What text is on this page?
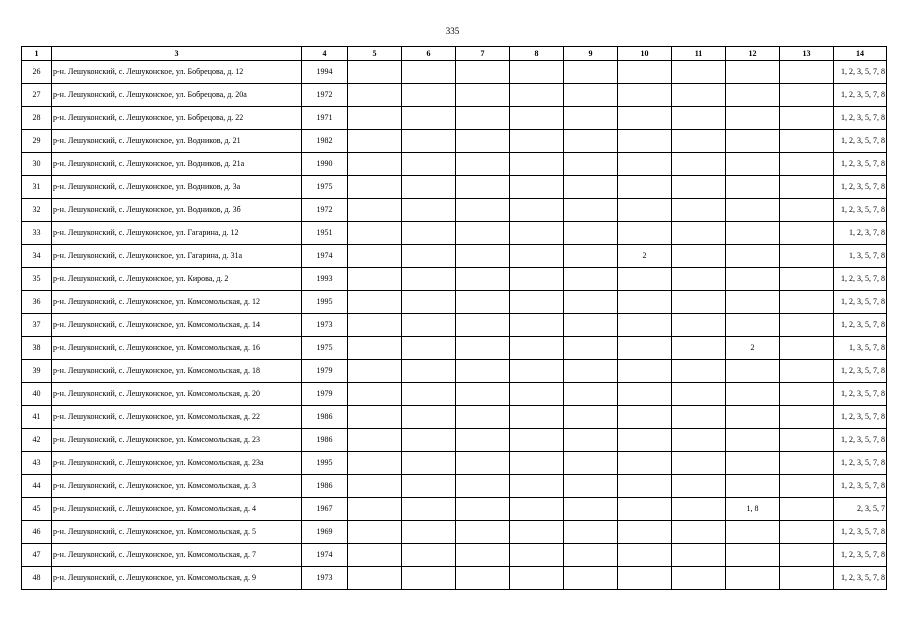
335
1	3	4	5	6	7	8	9	10	11	12	13	14
26	р-н. Лешуконский, с. Лешуконское, ул. Бобрецова, д. 12	1994										1, 2, 3, 5, 7, 8
27	р-н. Лешуконский, с. Лешуконское, ул. Бобрецова, д. 20а	1972										1, 2, 3, 5, 7, 8
28	р-н. Лешуконский, с. Лешуконское, ул. Бобрецова, д. 22	1971										1, 2, 3, 5, 7, 8
29	р-н. Лешуконский, с. Лешуконское, ул. Водников, д. 21	1982										1, 2, 3, 5, 7, 8
30	р-н. Лешуконский, с. Лешуконское, ул. Водников, д. 21а	1990										1, 2, 3, 5, 7, 8
31	р-н. Лешуконский, с. Лешуконское, ул. Водников, д. 3а	1975										1, 2, 3, 5, 7, 8
32	р-н. Лешуконский, с. Лешуконское, ул. Водников, д. 3б	1972										1, 2, 3, 5, 7, 8
33	р-н. Лешуконский, с. Лешуконское, ул. Гагарина, д. 12	1951										1, 2, 3, 7, 8
34	р-н. Лешуконский, с. Лешуконское, ул. Гагарина, д. 31а	1974						2				1, 3, 5, 7, 8
35	р-н. Лешуконский, с. Лешуконское, ул. Кирова, д. 2	1993										1, 2, 3, 5, 7, 8
36	р-н. Лешуконский, с. Лешуконское, ул. Комсомольская, д. 12	1995										1, 2, 3, 5, 7, 8
37	р-н. Лешуконский, с. Лешуконское, ул. Комсомольская, д. 14	1973										1, 2, 3, 5, 7, 8
38	р-н. Лешуконский, с. Лешуконское, ул. Комсомольская, д. 16	1975								2		1, 3, 5, 7, 8
39	р-н. Лешуконский, с. Лешуконское, ул. Комсомольская, д. 18	1979										1, 2, 3, 5, 7, 8
40	р-н. Лешуконский, с. Лешуконское, ул. Комсомольская, д. 20	1979										1, 2, 3, 5, 7, 8
41	р-н. Лешуконский, с. Лешуконское, ул. Комсомольская, д. 22	1986										1, 2, 3, 5, 7, 8
42	р-н. Лешуконский, с. Лешуконское, ул. Комсомольская, д. 23	1986										1, 2, 3, 5, 7, 8
43	р-н. Лешуконский, с. Лешуконское, ул. Комсомольская, д. 23а	1995										1, 2, 3, 5, 7, 8
44	р-н. Лешуконский, с. Лешуконское, ул. Комсомольская, д. 3	1986										1, 2, 3, 5, 7, 8
45	р-н. Лешуконский, с. Лешуконское, ул. Комсомольская, д. 4	1967								1, 8		2, 3, 5, 7
46	р-н. Лешуконский, с. Лешуконское, ул. Комсомольская, д. 5	1969										1, 2, 3, 5, 7, 8
47	р-н. Лешуконский, с. Лешуконское, ул. Комсомольская, д. 7	1974										1, 2, 3, 5, 7, 8
48	р-н. Лешуконский, с. Лешуконское, ул. Комсомольская, д. 9	1973										1, 2, 3, 5, 7, 8
